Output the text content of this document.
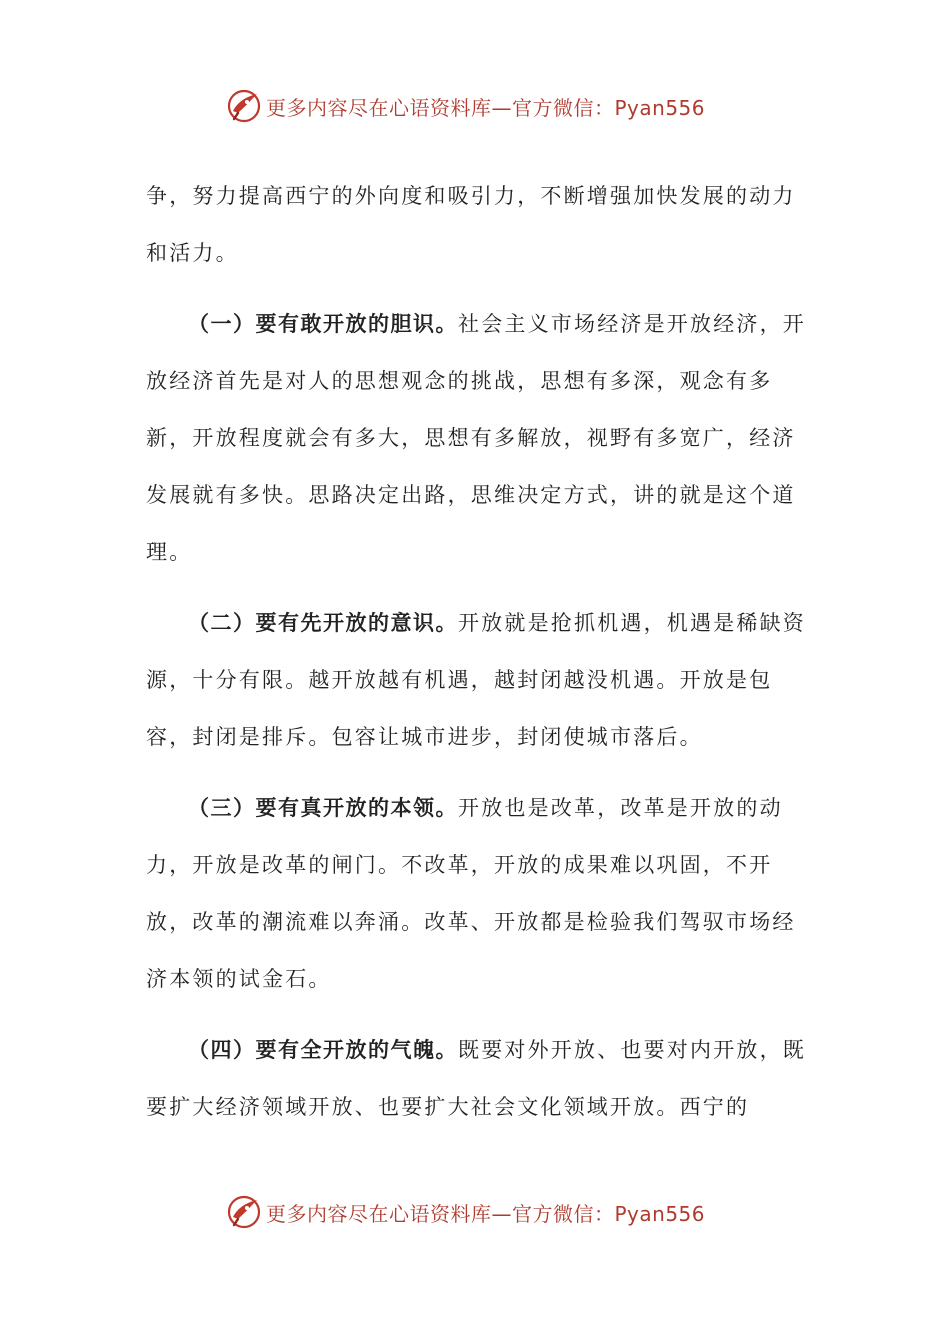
更多内容尽在心语资料库—官方微信：Pyan556

争，努力提高西宁的外向度和吸引力，不断增强加快发展的动力和活力。

（一）要有敢开放的胆识。社会主义市场经济是开放经济，开放经济首先是对人的思想观念的挑战，思想有多深，观念有多新，开放程度就会有多大，思想有多解放，视野有多宽广，经济发展就有多快。思路决定出路，思维决定方式，讲的就是这个道理。

（二）要有先开放的意识。开放就是抢抓机遇，机遇是稀缺资源，十分有限。越开放越有机遇，越封闭越没机遇。开放是包容，封闭是排斥。包容让城市进步，封闭使城市落后。

（三）要有真开放的本领。开放也是改革，改革是开放的动力，开放是改革的闸门。不改革，开放的成果难以巩固，不开放，改革的潮流难以奔涌。改革、开放都是检验我们驾驭市场经济本领的试金石。

（四）要有全开放的气魄。既要对外开放、也要对内开放，既要扩大经济领域开放、也要扩大社会文化领域开放。西宁的

更多内容尽在心语资料库—官方微信：Pyan556
